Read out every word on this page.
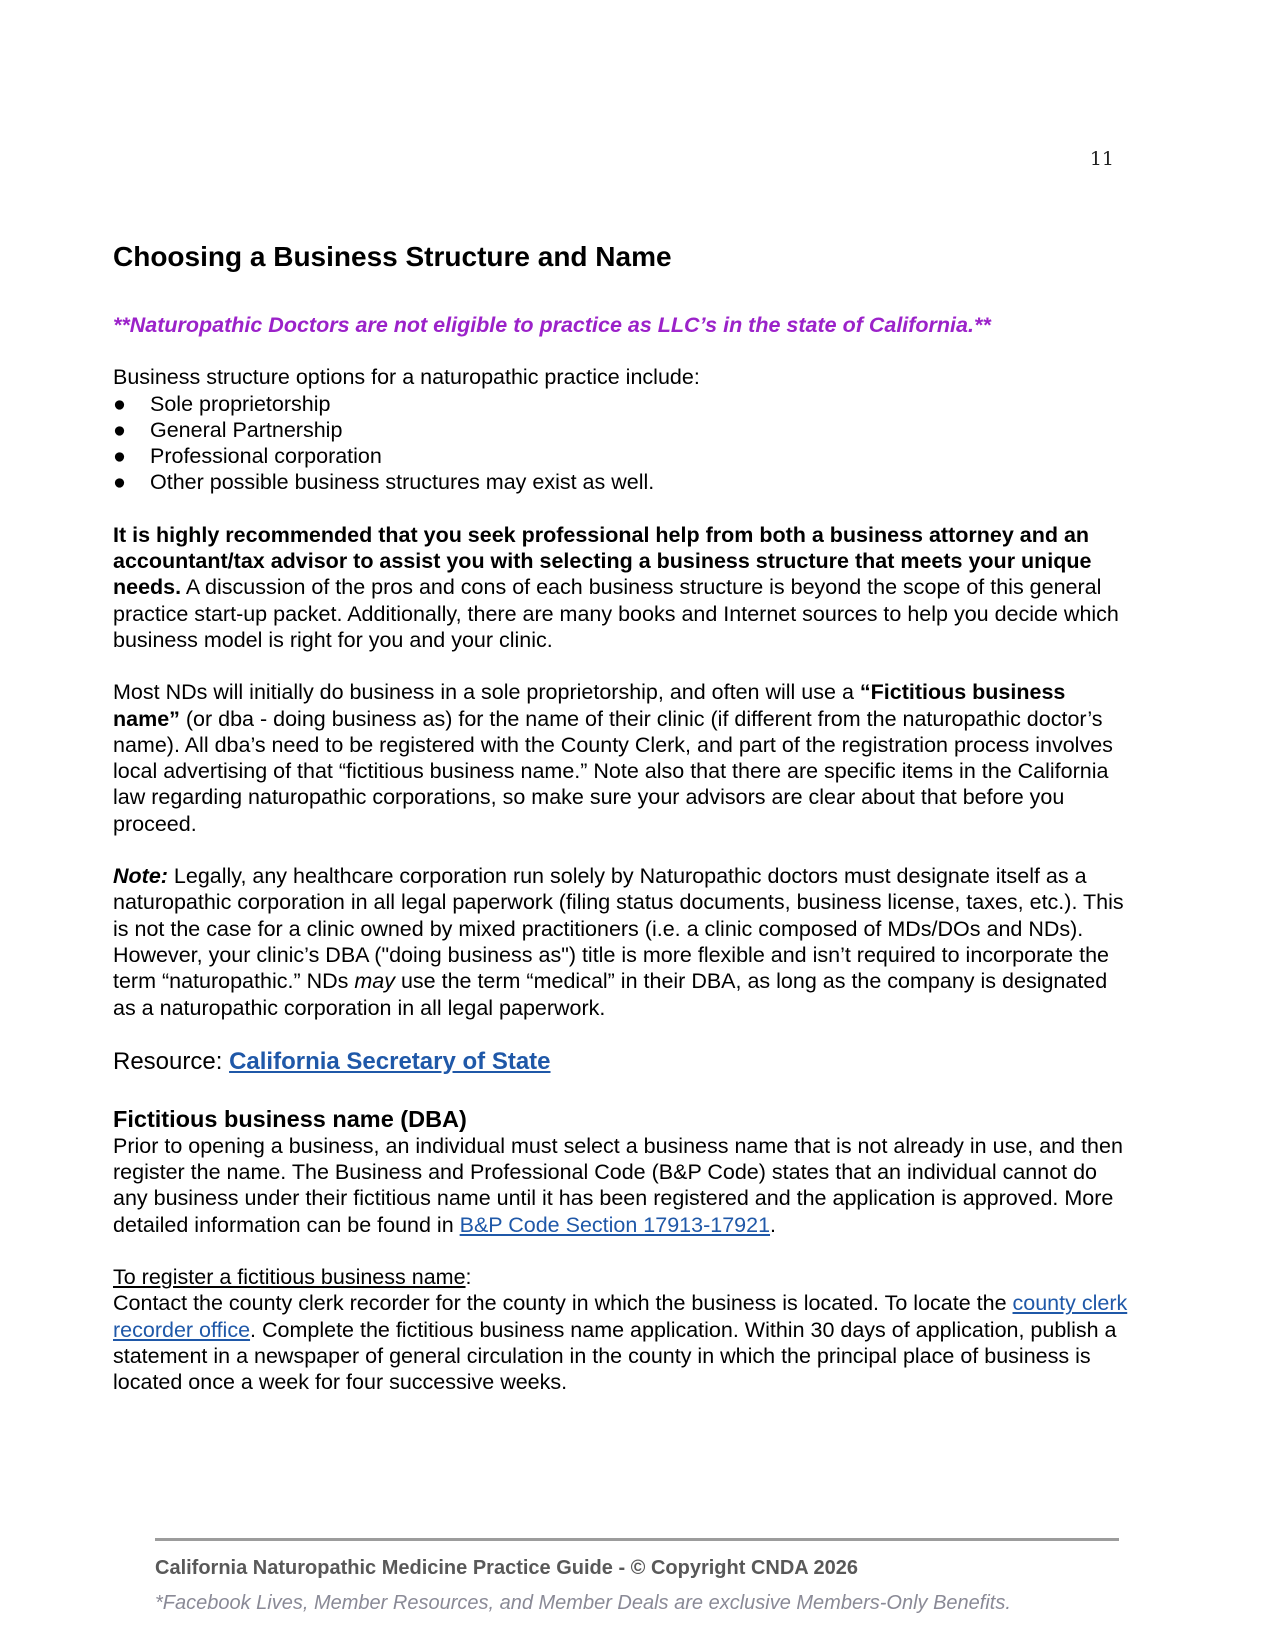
11
Choosing a Business Structure and Name

**Naturopathic Doctors are not eligible to practice as LLC’s in the state of California.**

Business structure options for a naturopathic practice include:
● Sole proprietorship
● General Partnership
● Professional corporation
● Other possible business structures may exist as well.

It is highly recommended that you seek professional help from both a business attorney and an accountant/tax advisor to assist you with selecting a business structure that meets your unique needs. A discussion of the pros and cons of each business structure is beyond the scope of this general practice start-up packet. Additionally, there are many books and Internet sources to help you decide which business model is right for you and your clinic.

Most NDs will initially do business in a sole proprietorship, and often will use a “Fictitious business name” (or dba - doing business as) for the name of their clinic (if different from the naturopathic doctor’s name). All dba’s need to be registered with the County Clerk, and part of the registration process involves local advertising of that “fictitious business name.” Note also that there are specific items in the California law regarding naturopathic corporations, so make sure your advisors are clear about that before you proceed.

Note: Legally, any healthcare corporation run solely by Naturopathic doctors must designate itself as a naturopathic corporation in all legal paperwork (filing status documents, business license, taxes, etc.). This is not the case for a clinic owned by mixed practitioners (i.e. a clinic composed of MDs/DOs and NDs). However, your clinic’s DBA ("doing business as") title is more flexible and isn’t required to incorporate the term “naturopathic.” NDs may use the term “medical” in their DBA, as long as the company is designated as a naturopathic corporation in all legal paperwork.

Resource: California Secretary of State
Fictitious business name (DBA)

Prior to opening a business, an individual must select a business name that is not already in use, and then register the name. The Business and Professional Code (B&P Code) states that an individual cannot do any business under their fictitious name until it has been registered and the application is approved. More detailed information can be found in B&P Code Section 17913-17921.

To register a fictitious business name:

Contact the county clerk recorder for the county in which the business is located. To locate the county clerk recorder office. Complete the fictitious business name application. Within 30 days of application, publish a statement in a newspaper of general circulation in the county in which the principal place of business is located once a week for four successive weeks.

California Naturopathic Medicine Practice Guide - © Copyright CNDA 2026
*Facebook Lives, Member Resources, and Member Deals are exclusive Members-Only Benefits.
